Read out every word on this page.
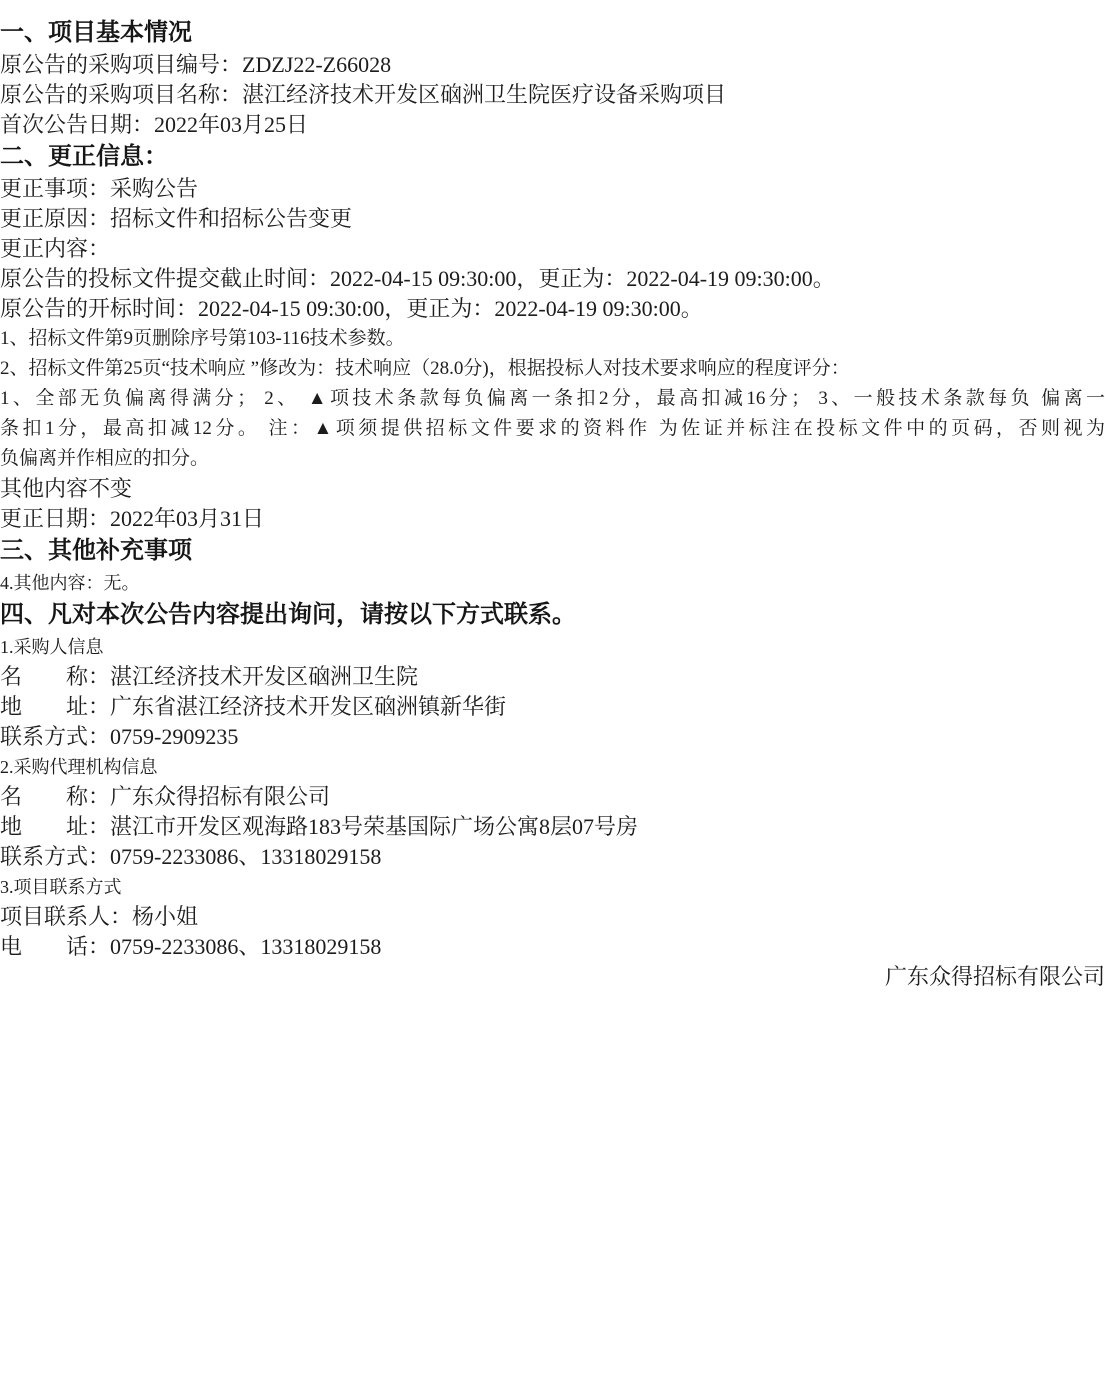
一、项目基本情况

原公告的采购项目编号：ZDZJ22-Z66028

原公告的采购项目名称：湛江经济技术开发区硇洲卫生院医疗设备采购项目

首次公告日期：2022年03月25日

二、更正信息：

更正事项：采购公告

更正原因：招标文件和招标公告变更

更正内容：

原公告的投标文件提交截止时间：2022-04-15 09:30:00，更正为：2022-04-19 09:30:00。

原公告的开标时间：2022-04-15 09:30:00，更正为：2022-04-19 09:30:00。

1、招标文件第9页删除序号第103-116技术参数。

2、招标文件第25页“技术响应 ”修改为：技术响应（28.0分)，根据投标人对技术要求响应的程度评分：

1、全部无负偏离得满分； 2、 ▲项技术条款每负偏离一条扣2分，最高扣减16分； 3、一般技术条款每负 偏离一

条扣1分，最高扣减12分。 注：▲项须提供招标文件要求的资料作 为佐证并标注在投标文件中的页码，否则视为

负偏离并作相应的扣分。

其他内容不变

更正日期：2022年03月31日

三、其他补充事项

4.其他内容：无。

四、凡对本次公告内容提出询问，请按以下方式联系。

1.采购人信息

名　　称：湛江经济技术开发区硇洲卫生院

地　　址：广东省湛江经济技术开发区硇洲镇新华街

联系方式：0759-2909235

2.采购代理机构信息

名　　称：广东众得招标有限公司

地　　址：湛江市开发区观海路183号荣基国际广场公寓8层07号房

联系方式：0759-2233086、13318029158

3.项目联系方式

项目联系人：杨小姐

电　　话：0759-2233086、13318029158

广东众得招标有限公司
